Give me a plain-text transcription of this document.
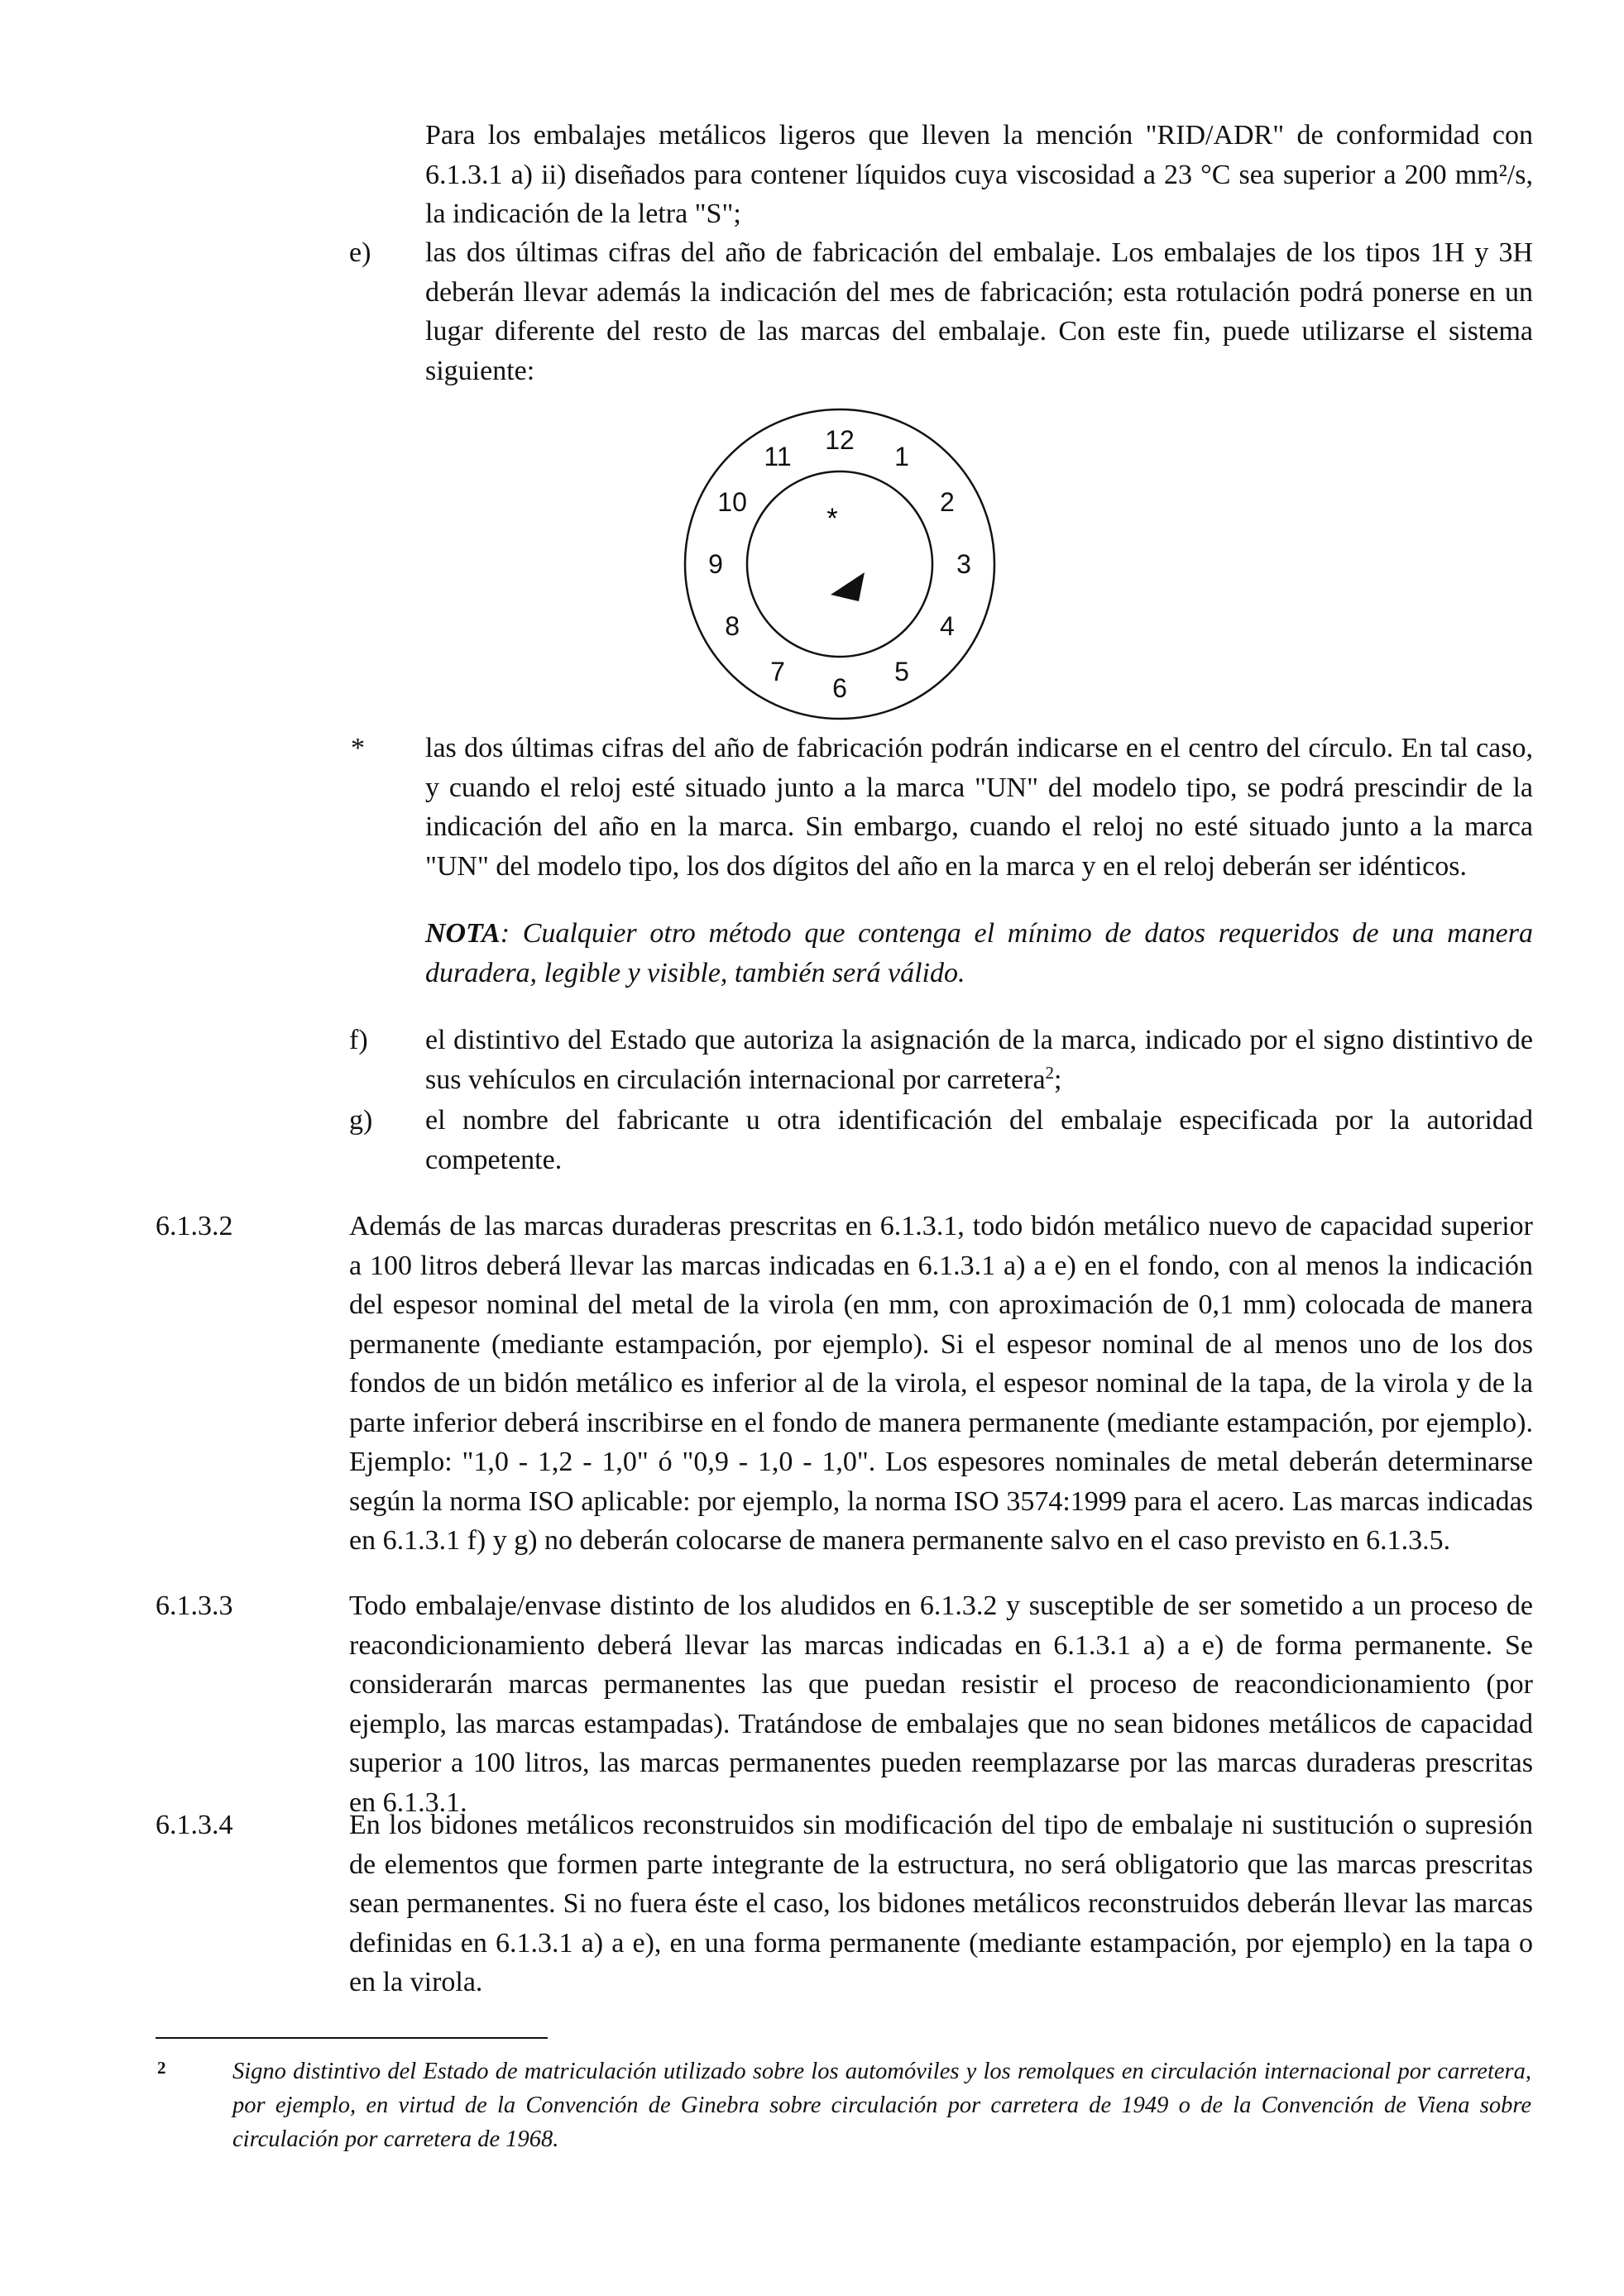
Para los embalajes metálicos ligeros que lleven la mención "RID/ADR" de conformidad con 6.1.3.1 a) ii) diseñados para contener líquidos cuya viscosidad a 23 °C sea superior a 200 mm²/s, la indicación de la letra "S";

e) las dos últimas cifras del año de fabricación del embalaje. Los embalajes de los tipos 1H y 3H deberán llevar además la indicación del mes de fabricación; esta rotulación podrá ponerse en un lugar diferente del resto de las marcas del embalaje. Con este fin, puede utilizarse el sistema siguiente:

12
1
2
3
4
5
6
7
8
9
10
11
*

* las dos últimas cifras del año de fabricación podrán indicarse en el centro del círculo. En tal caso, y cuando el reloj esté situado junto a la marca "UN" del modelo tipo, se podrá prescindir de la indicación del año en la marca. Sin embargo, cuando el reloj no esté situado junto a la marca "UN" del modelo tipo, los dos dígitos del año en la marca y en el reloj deberán ser idénticos.

NOTA: Cualquier otro método que contenga el mínimo de datos requeridos de una manera duradera, legible y visible, también será válido.

f) el distintivo del Estado que autoriza la asignación de la marca, indicado por el signo distintivo de sus vehículos en circulación internacional por carretera$^2$;

g) el nombre del fabricante u otra identificación del embalaje especificada por la autoridad competente.

6.1.3.2	Además de las marcas duraderas prescritas en 6.1.3.1, todo bidón metálico nuevo de capacidad superior a 100 litros deberá llevar las marcas indicadas en 6.1.3.1 a) a e) en el fondo, con al menos la indicación del espesor nominal del metal de la virola (en mm, con aproximación de 0,1 mm) colocada de manera permanente (mediante estampación, por ejemplo). Si el espesor nominal de al menos uno de los dos fondos de un bidón metálico es inferior al de la virola, el espesor nominal de la tapa, de la virola y de la parte inferior deberá inscribirse en el fondo de manera permanente (mediante estampación, por ejemplo). Ejemplo: "1,0 - 1,2 - 1,0" ó "0,9 - 1,0 - 1,0". Los espesores nominales de metal deberán determinarse según la norma ISO aplicable: por ejemplo, la norma ISO 3574:1999 para el acero. Las marcas indicadas en 6.1.3.1 f) y g) no deberán colocarse de manera permanente salvo en el caso previsto en 6.1.3.5.

6.1.3.3	Todo embalaje/envase distinto de los aludidos en 6.1.3.2 y susceptible de ser sometido a un proceso de reacondicionamiento deberá llevar las marcas indicadas en 6.1.3.1 a) a e) de forma permanente. Se considerarán marcas permanentes las que puedan resistir el proceso de reacondicionamiento (por ejemplo, las marcas estampadas). Tratándose de embalajes que no sean bidones metálicos de capacidad superior a 100 litros, las marcas permanentes pueden reemplazarse por las marcas duraderas prescritas en 6.1.3.1.

6.1.3.4	En los bidones metálicos reconstruidos sin modificación del tipo de embalaje ni sustitución o supresión de elementos que formen parte integrante de la estructura, no será obligatorio que las marcas prescritas sean permanentes. Si no fuera éste el caso, los bidones metálicos reconstruidos deberán llevar las marcas definidas en 6.1.3.1 a) a e), en una forma permanente (mediante estampación, por ejemplo) en la tapa o en la virola.

2	Signo distintivo del Estado de matriculación utilizado sobre los automóviles y los remolques en circulación internacional por carretera, por ejemplo, en virtud de la Convención de Ginebra sobre circulación por carretera de 1949 o de la Convención de Viena sobre circulación por carretera de 1968.
